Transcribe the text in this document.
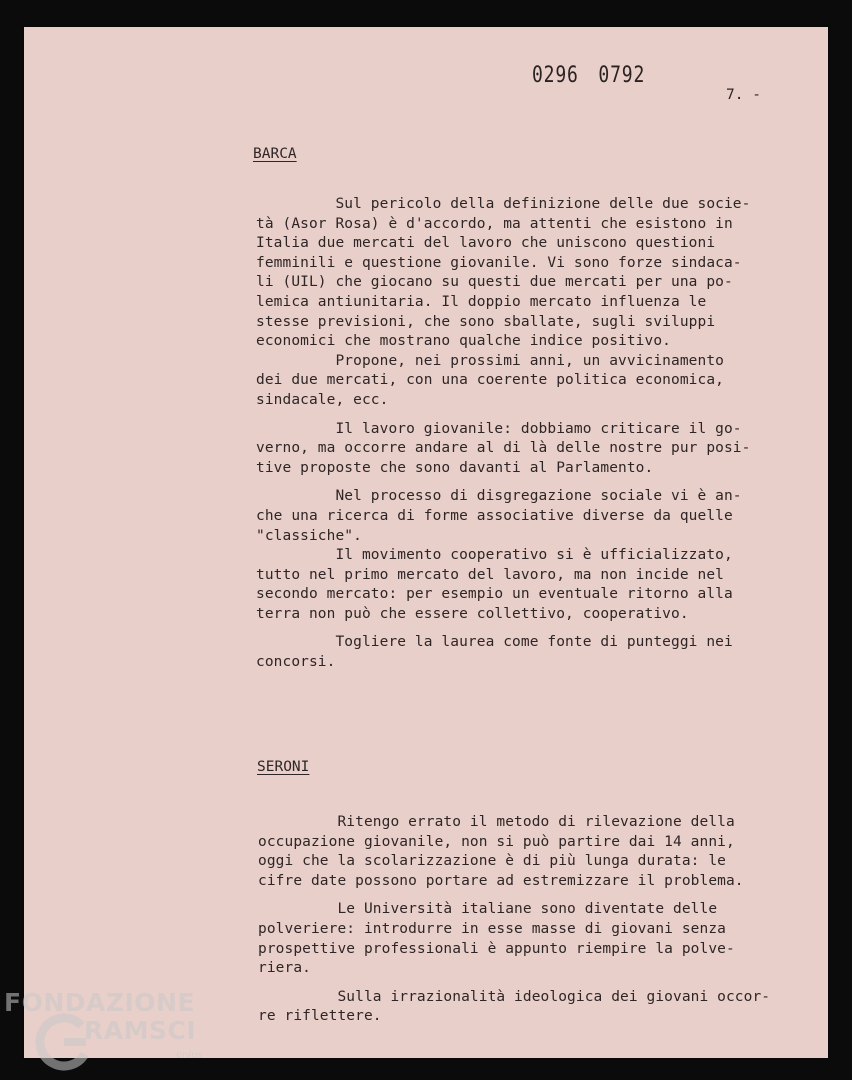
0296 0792
7. -
BARCA
Sul pericolo della definizione delle due socie-
tà (Asor Rosa) è d'accordo, ma attenti che esistono in
Italia due mercati del lavoro che uniscono questioni
femminili e questione giovanile. Vi sono forze sindaca-
li (UIL) che giocano su questi due mercati per una po-
lemica antiunitaria. Il doppio mercato influenza le
stesse previsioni, che sono sballate, sugli sviluppi
economici che mostrano qualche indice positivo.
Propone, nei prossimi anni, un avvicinamento
dei due mercati, con una coerente politica economica,
sindacale, ecc.

Il lavoro giovanile: dobbiamo criticare il go-
verno, ma occorre andare al di là delle nostre pur posi-
tive proposte che sono davanti al Parlamento.

Nel processo di disgregazione sociale vi è an-
che una ricerca di forme associative diverse da quelle
"classiche".
Il movimento cooperativo si è ufficializzato,
tutto nel primo mercato del lavoro, ma non incide nel
secondo mercato: per esempio un eventuale ritorno alla
terra non può che essere collettivo, cooperativo.

Togliere la laurea come fonte di punteggi nei
concorsi.
SERONI
Ritengo errato il metodo di rilevazione della
occupazione giovanile, non si può partire dai 14 anni,
oggi che la scolarizzazione è di più lunga durata: le
cifre date possono portare ad estremizzare il problema.

Le Università italiane sono diventate delle
polveriere: introdurre in esse masse di giovani senza
prospettive professionali è appunto riempire la polve-
riera.

Sulla irrazionalità ideologica dei giovani occor-
re riflettere.
FONDAZIONE
RAMSCI
onlus
